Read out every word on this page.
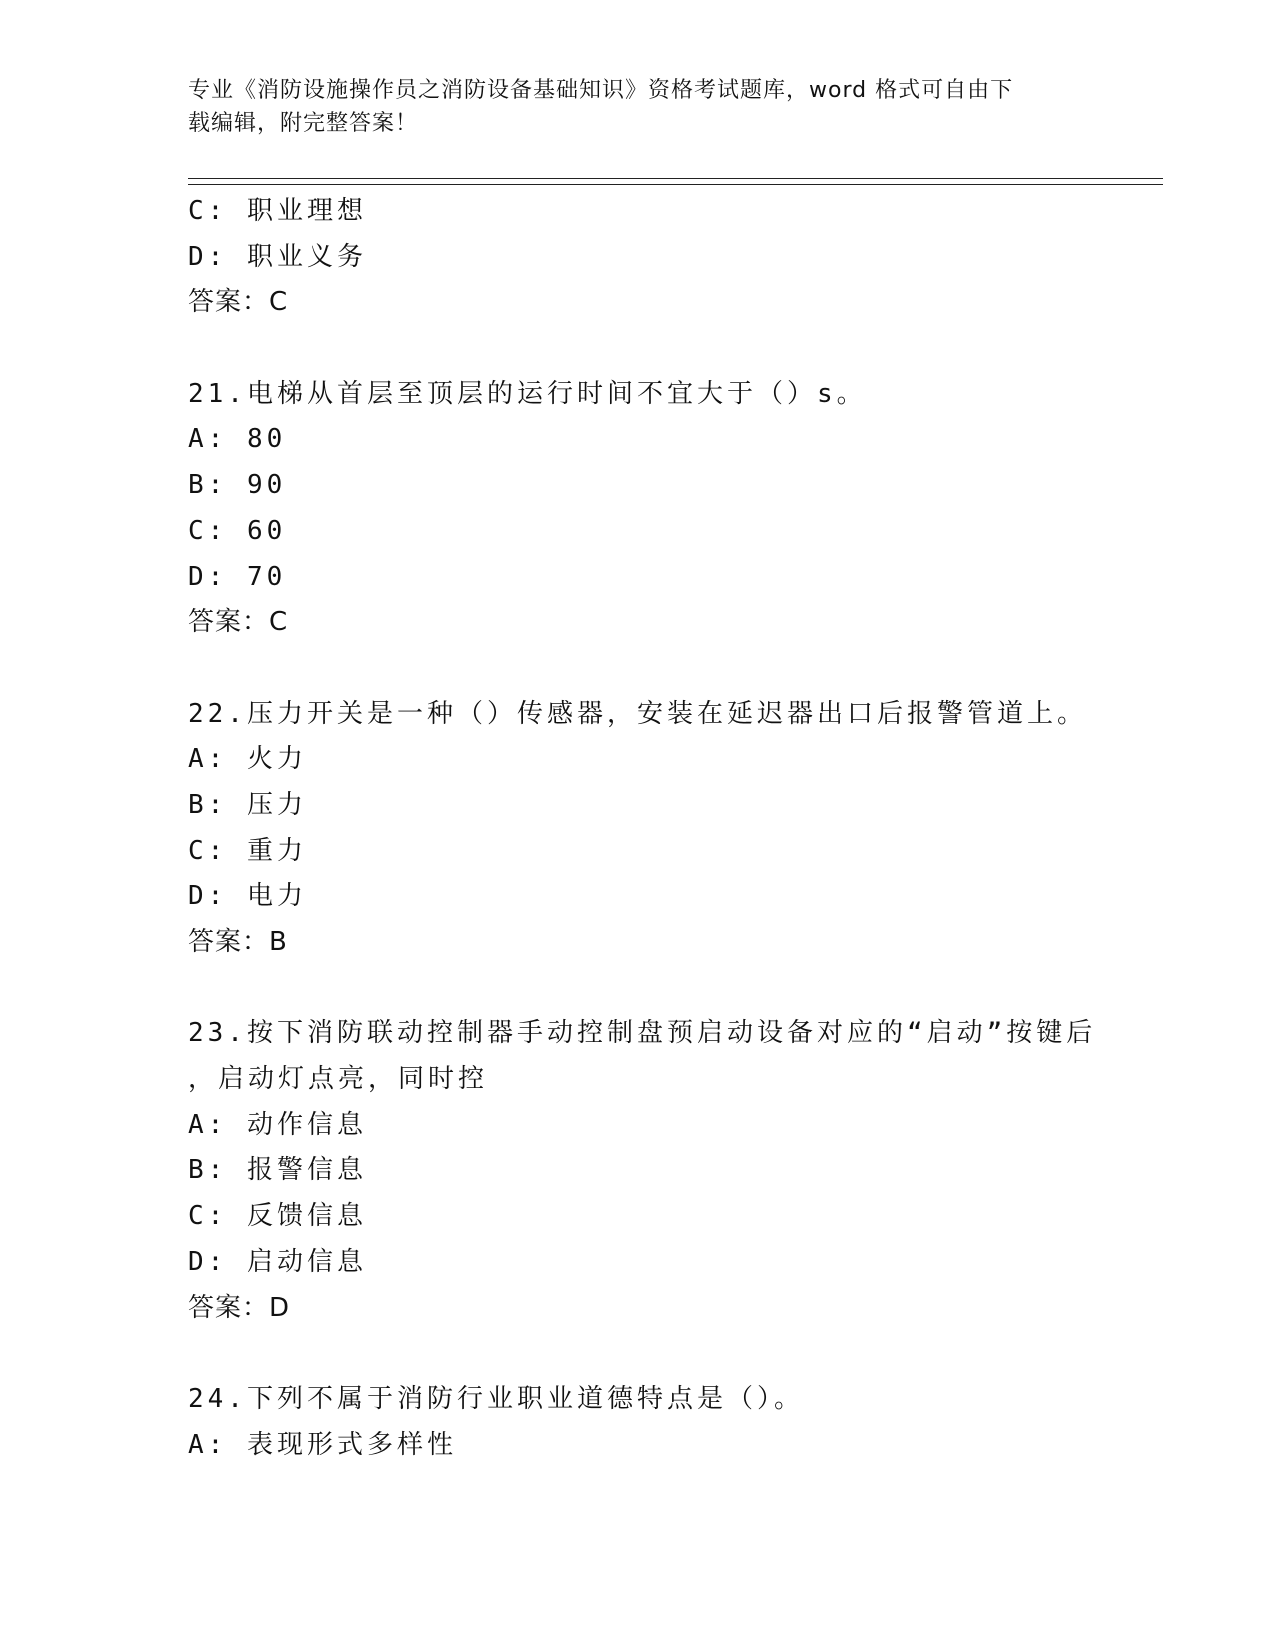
专业《消防设施操作员之消防设备基础知识》资格考试题库，word 格式可自由下
载编辑，附完整答案！
C: 职业理想
D: 职业义务
答案：C
21.电梯从首层至顶层的运行时间不宜大于（）s。
A: 80
B: 90
C: 60
D: 70
答案：C
22.压力开关是一种（）传感器，安装在延迟器出口后报警管道上。
A: 火力
B: 压力
C: 重力
D: 电力
答案：B
23.按下消防联动控制器手动控制盘预启动设备对应的“启动”按键后
，启动灯点亮，同时控
A: 动作信息
B: 报警信息
C: 反馈信息
D: 启动信息
答案：D
24.下列不属于消防行业职业道德特点是（）。
A: 表现形式多样性
